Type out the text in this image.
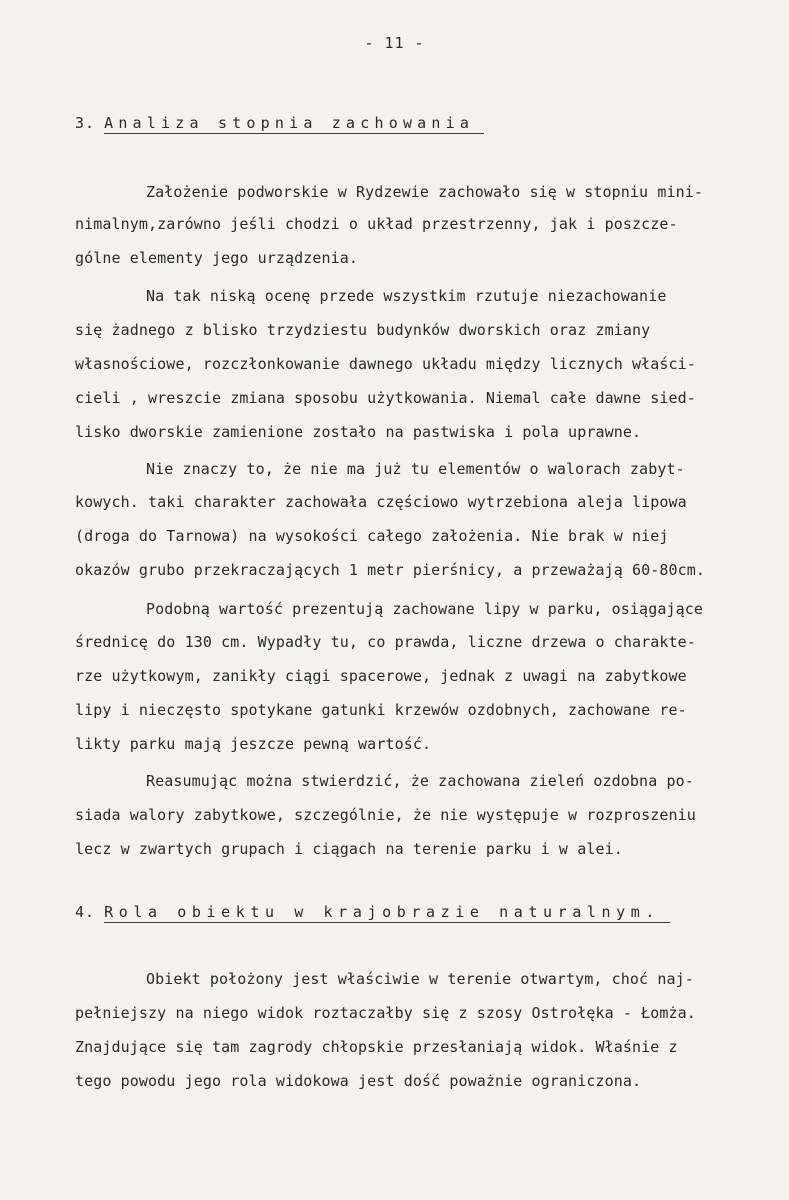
- 11 -
3. Analiza stopnia zachowania
Założenie podworskie w Rydzewie zachowało się w stopniu mini-
nimalnym,zarówno jeśli chodzi o układ przestrzenny, jak i poszcze-
gólne elementy jego urządzenia.
Na tak niską ocenę przede wszystkim rzutuje niezachowanie
się żadnego z blisko trzydziestu budynków dworskich oraz zmiany
własnościowe, rozczłonkowanie dawnego układu między licznych właści-
cieli , wreszcie zmiana sposobu użytkowania. Niemal całe dawne sied-
lisko dworskie zamienione zostało na pastwiska i pola uprawne.
Nie znaczy to, że nie ma już tu elementów o walorach zabyt-
kowych. taki charakter zachowała częściowo wytrzebiona aleja lipowa
(droga do Tarnowa) na wysokości całego założenia. Nie brak w niej
okazów grubo przekraczających 1 metr pierśnicy, a przeważają 60-80cm.
Podobną wartość prezentują zachowane lipy w parku, osiągające
średnicę do 130 cm. Wypadły tu, co prawda, liczne drzewa o charakte-
rze użytkowym, zanikły ciągi spacerowe, jednak z uwagi na zabytkowe
lipy i nieczęsto spotykane gatunki krzewów ozdobnych, zachowane re-
likty parku mają jeszcze pewną wartość.
Reasumując można stwierdzić, że zachowana zieleń ozdobna po-
siada walory zabytkowe, szczególnie, że nie występuje w rozproszeniu
lecz w zwartych grupach i ciągach na terenie parku i w alei.
4. Rola obiektu w krajobrazie naturalnym.
Obiekt położony jest właściwie w terenie otwartym, choć naj-
pełniejszy na niego widok roztaczałby się z szosy Ostrołęka - Łomża.
Znajdujące się tam zagrody chłopskie przesłaniają widok. Właśnie z
tego powodu jego rola widokowa jest dość poważnie ograniczona.
